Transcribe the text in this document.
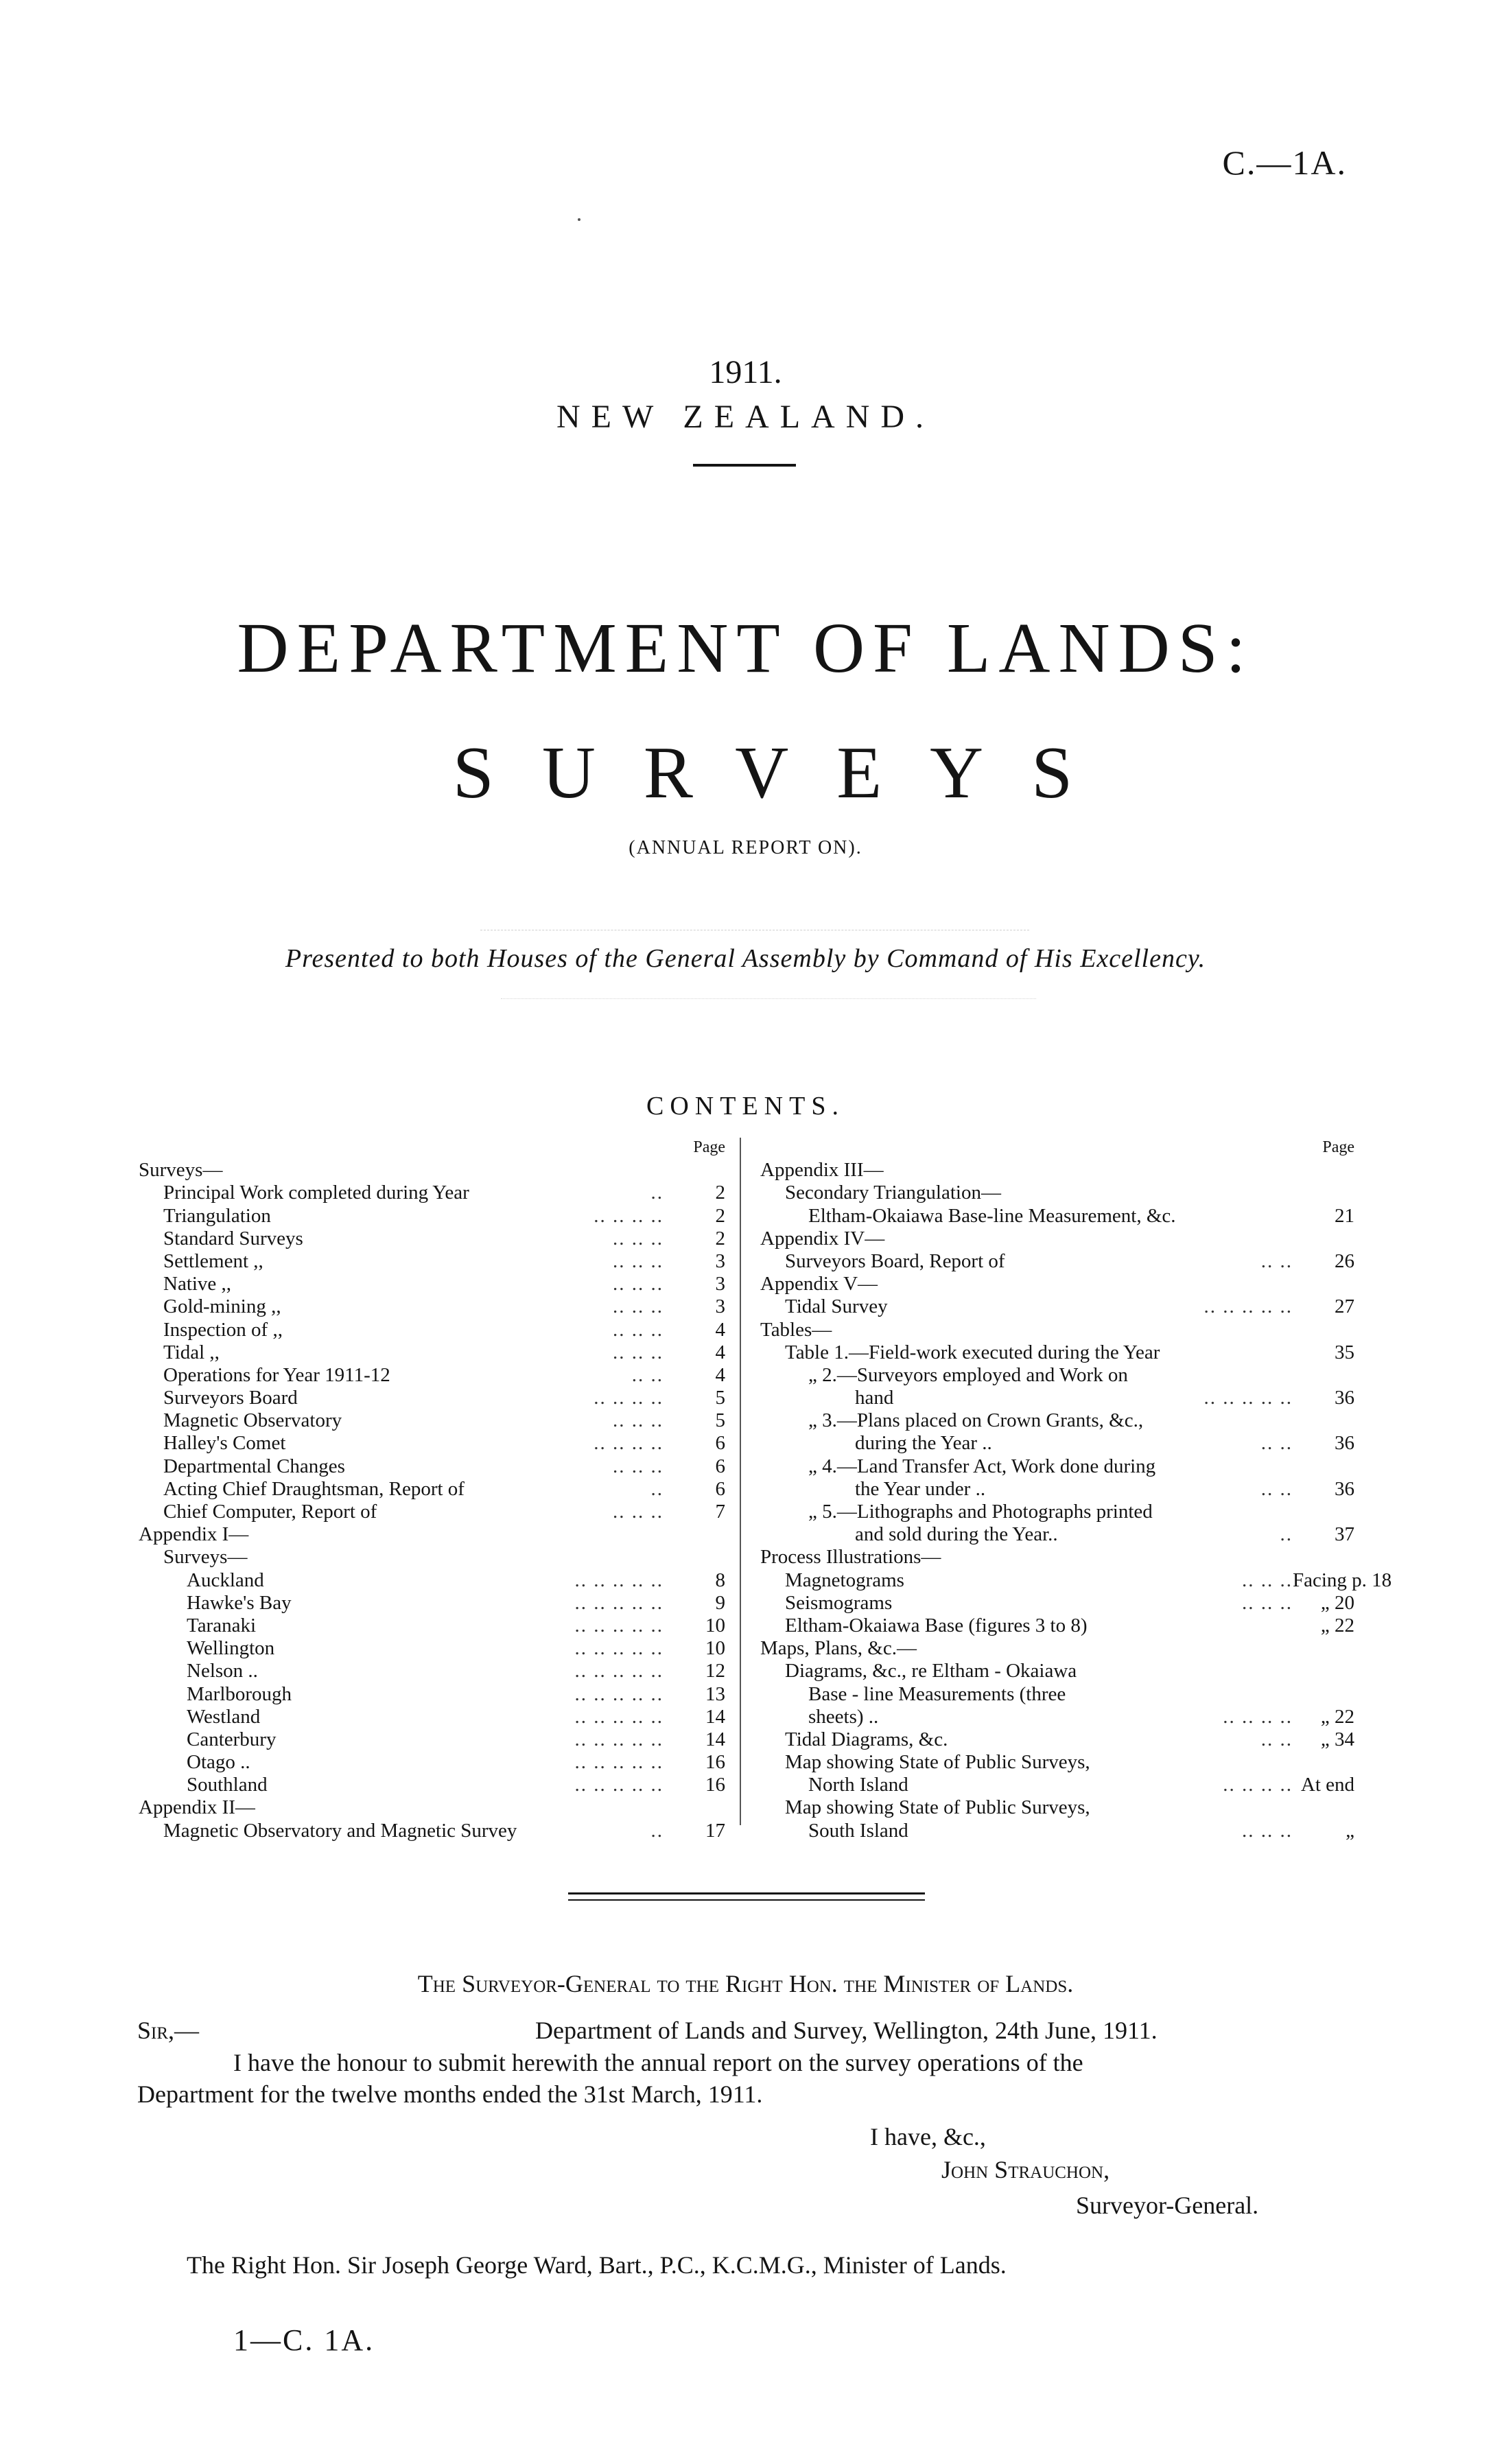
C.—1A.
1911.
NEW ZEALAND.
DEPARTMENT OF LANDS:
SURVEYS
(ANNUAL REPORT ON).
Presented to both Houses of the General Assembly by Command of His Excellency.
CONTENTS.
Page
Surveys—
Principal Work completed during Year	..	2
Triangulation	.. .. .. ..	2
Standard Surveys	.. .. ..	2
Settlement ,,	.. .. ..	3
Native ,,	.. .. ..	3
Gold-mining ,,	.. .. ..	3
Inspection of ,,	.. .. ..	4
Tidal ,,	.. .. ..	4
Operations for Year 1911-12	.. ..	4
Surveyors Board	.. .. .. ..	5
Magnetic Observatory	.. .. ..	5
Halley's Comet	.. .. .. ..	6
Departmental Changes	.. .. ..	6
Acting Chief Draughtsman, Report of	..	6
Chief Computer, Report of	.. .. ..	7
Appendix I—
Surveys—
Auckland	.. .. .. .. ..	8
Hawke's Bay	.. .. .. .. ..	9
Taranaki	.. .. .. .. ..	10
Wellington	.. .. .. .. ..	10
Nelson ..	.. .. .. .. ..	12
Marlborough	.. .. .. .. ..	13
Westland	.. .. .. .. ..	14
Canterbury	.. .. .. .. ..	14
Otago ..	.. .. .. .. ..	16
Southland	.. .. .. .. ..	16
Appendix II—
Magnetic Observatory and Magnetic Survey	..	17
Page
Appendix III—
Secondary Triangulation—
Eltham-Okaiawa Base-line Measurement, &c.	21
Appendix IV—
Surveyors Board, Report of	.. ..	26
Appendix V—
Tidal Survey	.. .. .. .. ..	27
Tables—
Table 1.—Field-work executed during the Year	35
„ 2.—Surveyors employed and Work on
hand	.. .. .. .. ..	36
„ 3.—Plans placed on Crown Grants, &c.,
during the Year ..	.. ..	36
„ 4.—Land Transfer Act, Work done during
the Year under ..	.. ..	36
„ 5.—Lithographs and Photographs printed
and sold during the Year..	..	37
Process Illustrations—
Magnetograms	.. .. .. Facing p. 18
Seismograms	.. .. ..	„ 20
Eltham-Okaiawa Base (figures 3 to 8)	„ 22
Maps, Plans, &c.—
Diagrams, &c., re Eltham - Okaiawa
Base - line Measurements (three
sheets) ..	.. .. .. ..	„ 22
Tidal Diagrams, &c.	.. ..	„ 34
Map showing State of Public Surveys,
North Island	.. .. .. .. At end
Map showing State of Public Surveys,
South Island	.. .. ..	„
The Surveyor-General to the Right Hon. the Minister of Lands.
Sir,—	Department of Lands and Survey, Wellington, 24th June, 1911.
I have the honour to submit herewith the annual report on the survey operations of the
Department for the twelve months ended the 31st March, 1911.
I have, &c.,
John Strauchon,
Surveyor-General.
The Right Hon. Sir Joseph George Ward, Bart., P.C., K.C.M.G., Minister of Lands.
1—C. 1A.
